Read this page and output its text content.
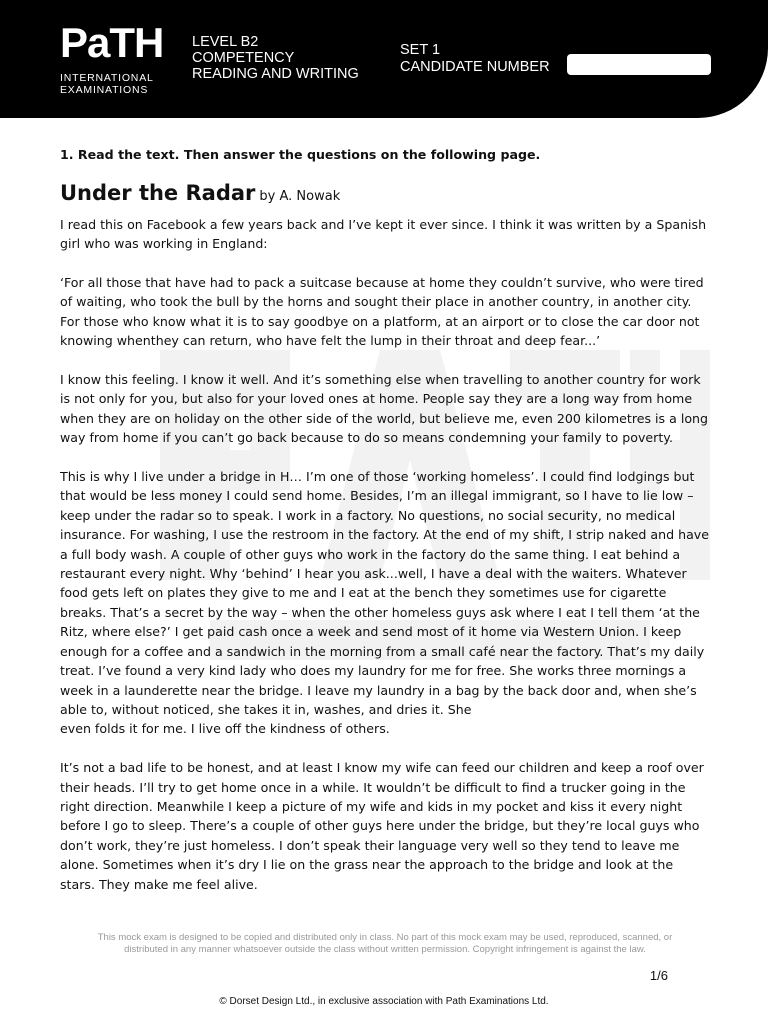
PaTH
INTERNATIONAL
EXAMINATIONS
LEVEL B2
COMPETENCY
READING AND WRITING
SET 1
CANDIDATE NUMBER

1. Read the text. Then answer the questions on the following page.

Under the Radar by A. Nowak

I read this on Facebook a few years back and I’ve kept it ever since. I think it was written by a Spanish girl who was working in England:

‘For all those that have had to pack a suitcase because at home they couldn’t survive, who were tired of waiting, who took the bull by the horns and sought their place in another country, in another city. For those who know what it is to say goodbye on a platform, at an airport or to close the car door not knowing whenthey can return, who have felt the lump in their throat and deep fear...’

I know this feeling. I know it well. And it’s something else when travelling to another country for work is not only for you, but also for your loved ones at home. People say they are a long way from home when they are on holiday on the other side of the world, but believe me, even 200 kilometres is a long way from home if you can’t go back because to do so means condemning your family to poverty.

This is why I live under a bridge in H… I’m one of those ‘working homeless’. I could find lodgings but that would be less money I could send home. Besides, I’m an illegal immigrant, so I have to lie low – keep under the radar so to speak. I work in a factory. No questions, no social security, no medical insurance. For washing, I use the restroom in the factory. At the end of my shift, I strip naked and have a full body wash. A couple of other guys who work in the factory do the same thing. I eat behind a restaurant every night. Why ‘behind’ I hear you ask...well, I have a deal with the waiters. Whatever food gets left on plates they give to me and I eat at the bench they sometimes use for cigarette breaks. That’s a secret by the way – when the other homeless guys ask where I eat I tell them ‘at the Ritz, where else?’ I get paid cash once a week and send most of it home via Western Union. I keep enough for a coffee and a sandwich in the morning from a small café near the factory. That’s my daily treat. I’ve found a very kind lady who does my laundry for me for free. She works three mornings a week in a launderette near the bridge. I leave my laundry in a bag by the back door and, when she’s able to, without noticed, she takes it in, washes, and dries it. She

even folds it for me. I live off the kindness of others.

It’s not a bad life to be honest, and at least I know my wife can feed our children and keep a roof over their heads. I’ll try to get home once in a while. It wouldn’t be difficult to find a trucker going in the right direction. Meanwhile I keep a picture of my wife and kids in my pocket and kiss it every night before I go to sleep. There’s a couple of other guys here under the bridge, but they’re local guys who don’t work, they’re just homeless. I don’t speak their language very well so they tend to leave me alone. Sometimes when it’s dry I lie on the grass near the approach to the bridge and look at the stars. They make me feel alive.

This mock exam is designed to be copied and distributed only in class. No part of this mock exam may be used, reproduced, scanned, or
distributed in any manner whatsoever outside the class without written permission. Copyright infringement is against the law.
1/6
© Dorset Design Ltd., in exclusive association with Path Examinations Ltd.
